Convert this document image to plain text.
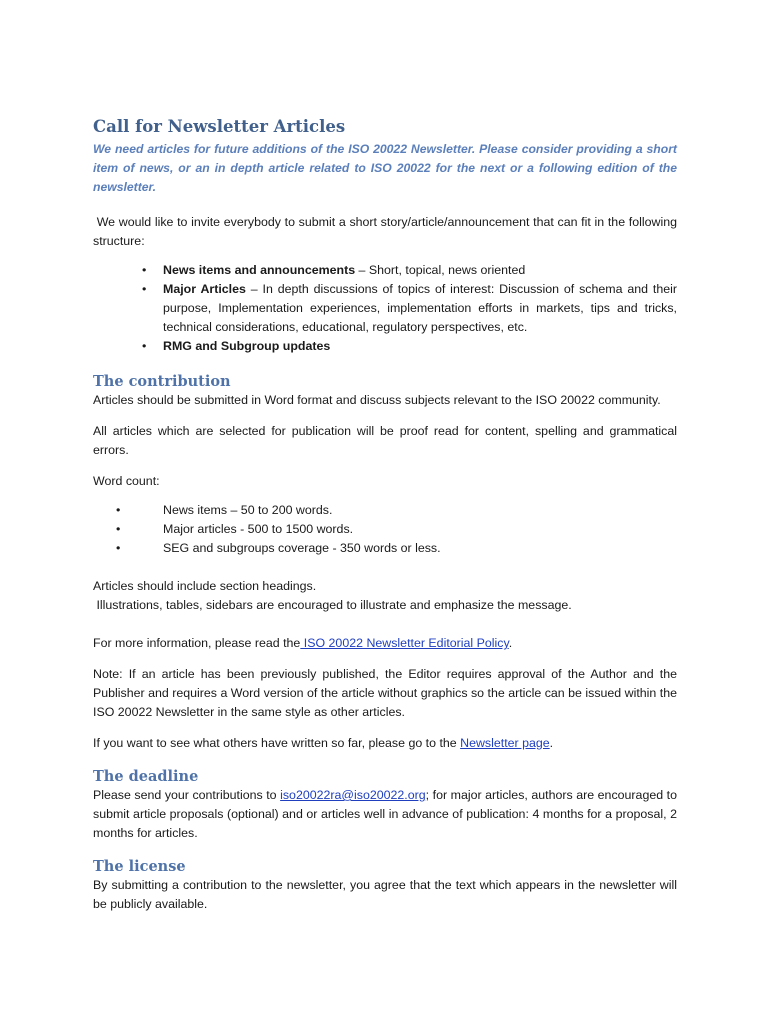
Call for Newsletter Articles

We need articles for future additions of the ISO 20022 Newsletter. Please consider providing a short item of news, or an in depth article related to ISO 20022 for the next or a following edition of the newsletter.

We would like to invite everybody to submit a short story/article/announcement that can fit in the following structure:

• News items and announcements – Short, topical, news oriented
• Major Articles – In depth discussions of topics of interest: Discussion of schema and their purpose, Implementation experiences, implementation efforts in markets, tips and tricks, technical considerations, educational, regulatory perspectives, etc.
• RMG and Subgroup updates
The contribution

Articles should be submitted in Word format and discuss subjects relevant to the ISO 20022 community.

All articles which are selected for publication will be proof read for content, spelling and grammatical errors.

Word count:

•	News items – 50 to 200 words.
•	Major articles - 500 to 1500 words.
•	SEG and subgroups coverage - 350 words or less.

Articles should include section headings.

Illustrations, tables, sidebars are encouraged to illustrate and emphasize the message.

For more information, please read the ISO 20022 Newsletter Editorial Policy.

Note: If an article has been previously published, the Editor requires approval of the Author and the Publisher and requires a Word version of the article without graphics so the article can be issued within the ISO 20022 Newsletter in the same style as other articles.

If you want to see what others have written so far, please go to the Newsletter page.

The deadline

Please send your contributions to iso20022ra@iso20022.org; for major articles, authors are encouraged to submit article proposals (optional) and or articles well in advance of publication: 4 months for a proposal, 2 months for articles.

The license

By submitting a contribution to the newsletter, you agree that the text which appears in the newsletter will be publicly available.
